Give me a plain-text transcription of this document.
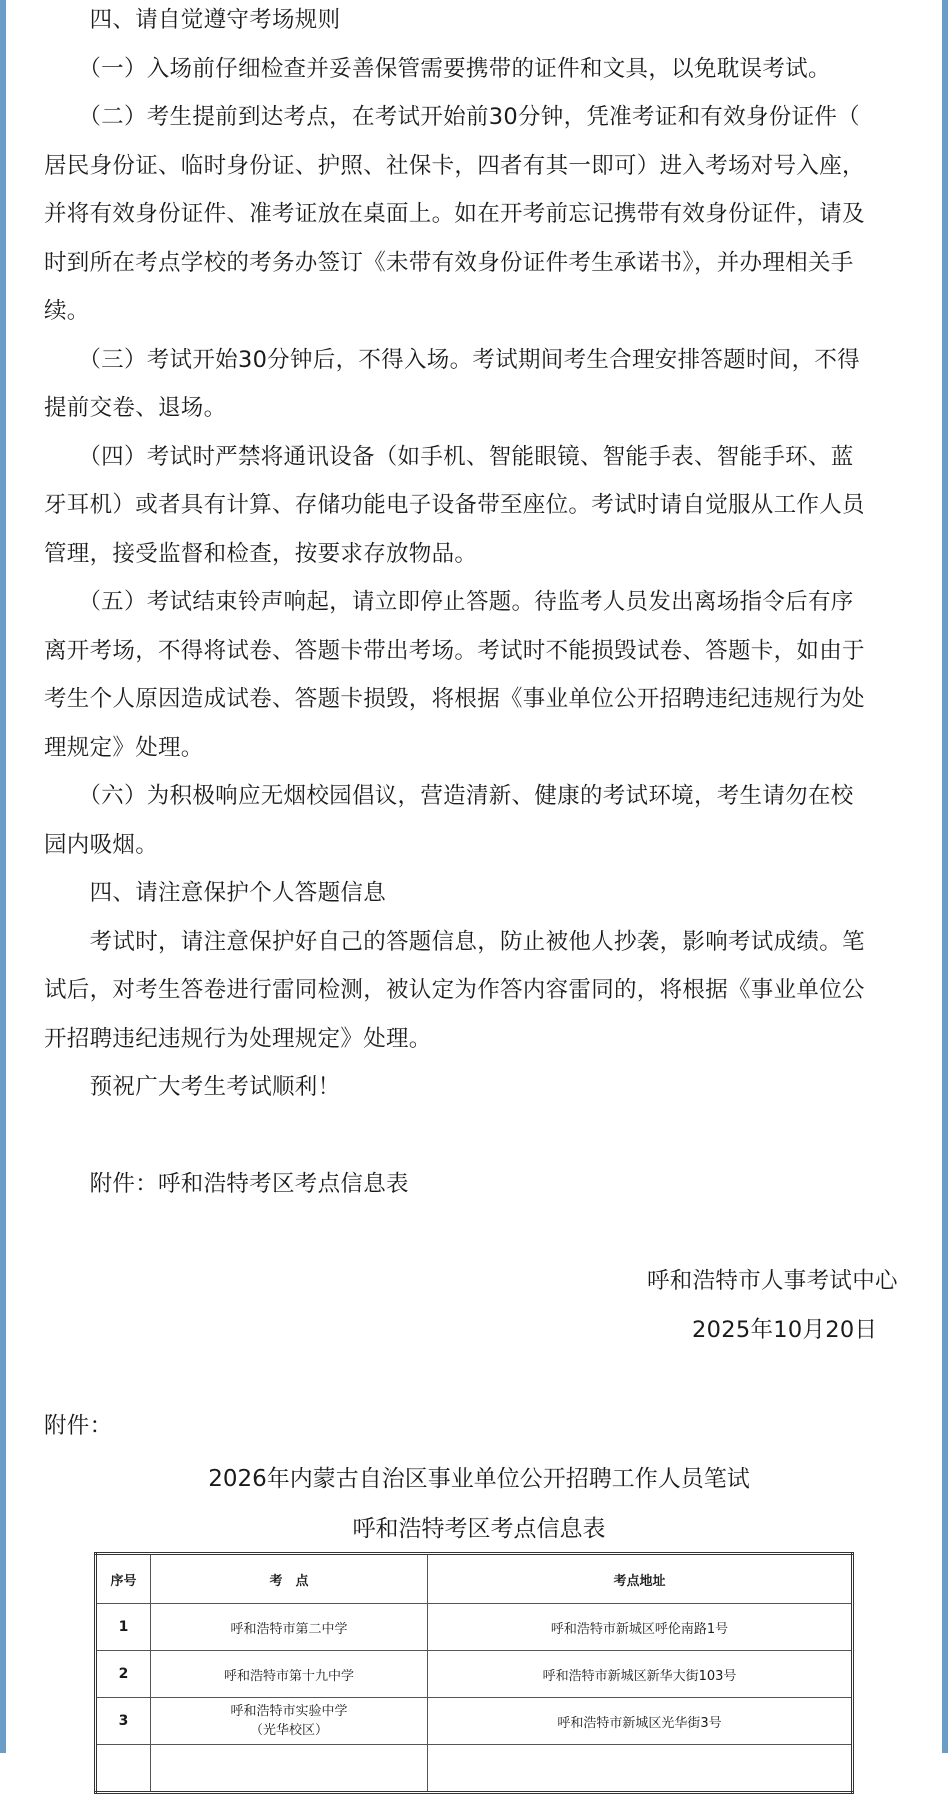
　　四、请自觉遵守考场规则
　　（一）入场前仔细检查并妥善保管需要携带的证件和文具，以免耽误考试。
　　（二）考生提前到达考点，在考试开始前30分钟，凭准考证和有效身份证件（
居民身份证、临时身份证、护照、社保卡，四者有其一即可）进入考场对号入座，
并将有效身份证件、准考证放在桌面上。如在开考前忘记携带有效身份证件，请及
时到所在考点学校的考务办签订《未带有效身份证件考生承诺书》，并办理相关手
续。
　　（三）考试开始30分钟后，不得入场。考试期间考生合理安排答题时间，不得
提前交卷、退场。
　　（四）考试时严禁将通讯设备（如手机、智能眼镜、智能手表、智能手环、蓝
牙耳机）或者具有计算、存储功能电子设备带至座位。考试时请自觉服从工作人员
管理，接受监督和检查，按要求存放物品。
　　（五）考试结束铃声响起，请立即停止答题。待监考人员发出离场指令后有序
离开考场，不得将试卷、答题卡带出考场。考试时不能损毁试卷、答题卡，如由于
考生个人原因造成试卷、答题卡损毁，将根据《事业单位公开招聘违纪违规行为处
理规定》处理。
　　（六）为积极响应无烟校园倡议，营造清新、健康的考试环境，考生请勿在校
园内吸烟。
　　四、请注意保护个人答题信息
　　考试时，请注意保护好自己的答题信息，防止被他人抄袭，影响考试成绩。笔
试后，对考生答卷进行雷同检测，被认定为作答内容雷同的，将根据《事业单位公
开招聘违纪违规行为处理规定》处理。
　　预祝广大考生考试顺利！
　　附件：呼和浩特考区考点信息表
呼和浩特市人事考试中心
2025年10月20日
附件：
2026年内蒙古自治区事业单位公开招聘工作人员笔试
呼和浩特考区考点信息表
序号	考　点	考点地址
1	呼和浩特市第二中学	呼和浩特市新城区呼伦南路1号
2	呼和浩特市第十九中学	呼和浩特市新城区新华大街103号
3	呼和浩特市实验中学
（光华校区）	呼和浩特市新城区光华街3号
